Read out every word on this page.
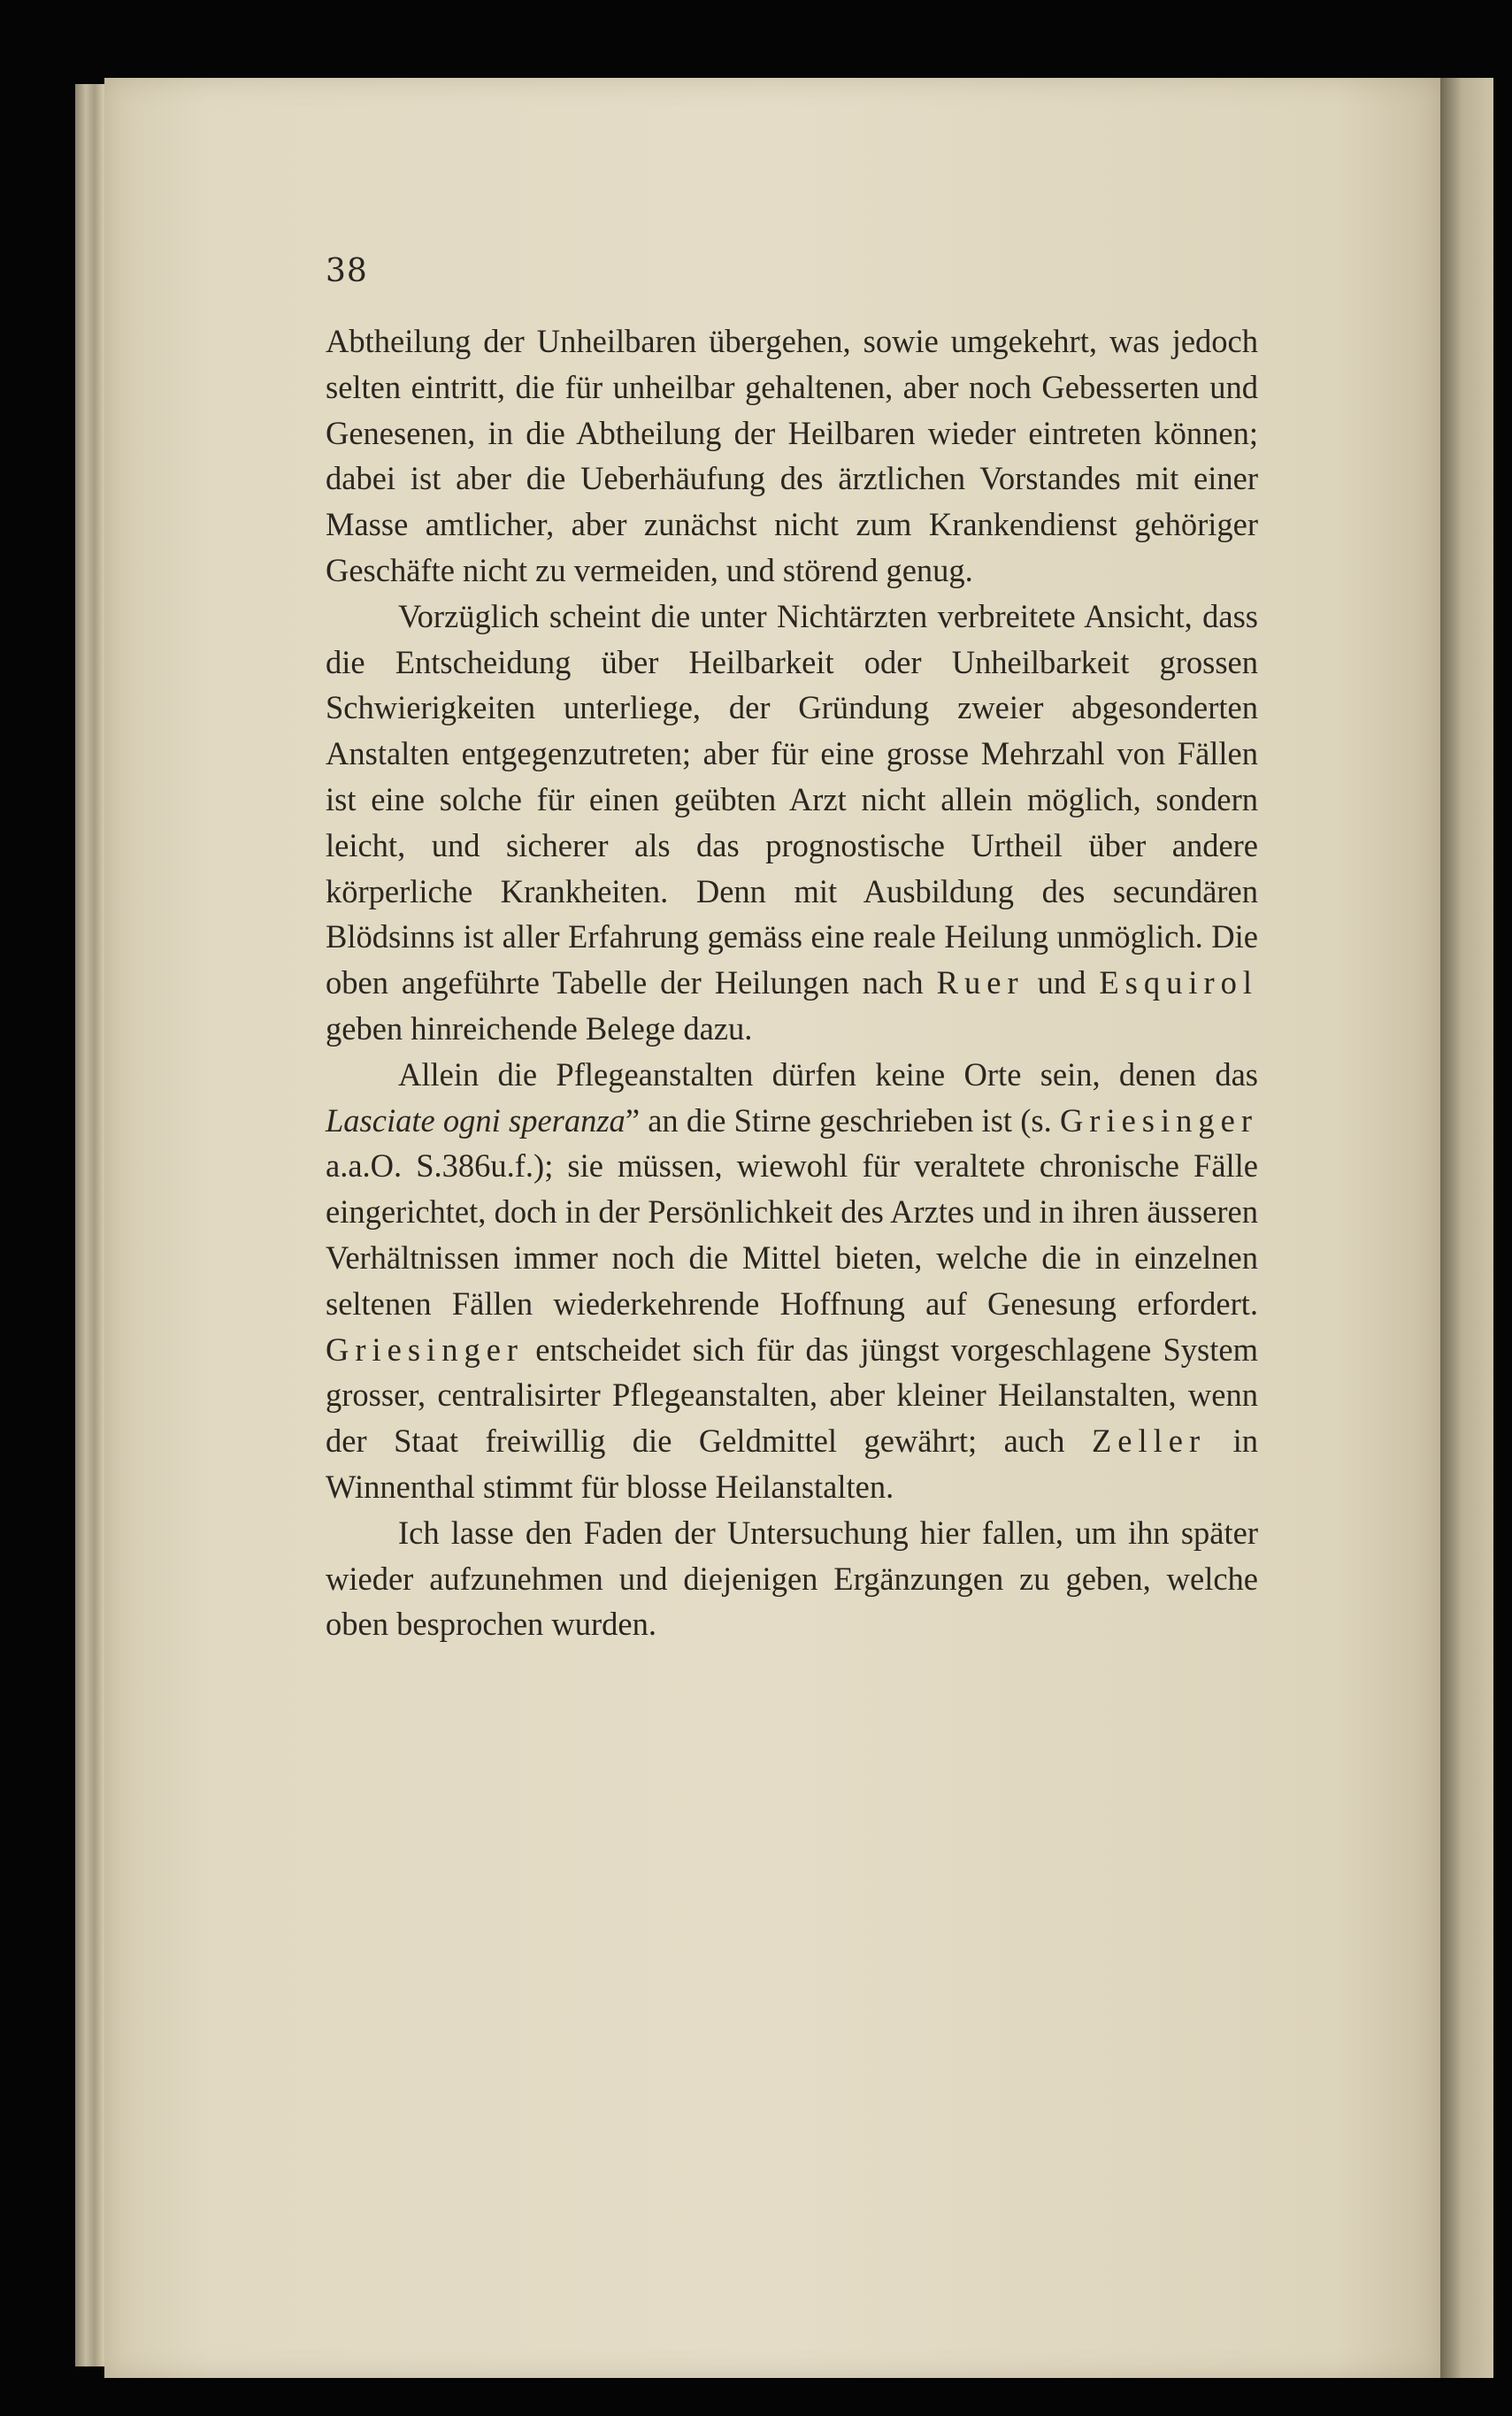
38

Abtheilung der Unheilbaren übergehen, sowie umgekehrt, was jedoch selten eintritt, die für unheilbar gehaltenen, aber noch Gebesserten und Genesenen, in die Abtheilung der Heilbaren wieder eintreten können; dabei ist aber die Ueberhäufung des ärztlichen Vorstandes mit einer Masse amtlicher, aber zunächst nicht zum Krankendienst gehöriger Geschäfte nicht zu vermeiden, und störend genug.

Vorzüglich scheint die unter Nichtärzten verbreitete Ansicht, dass die Entscheidung über Heilbarkeit oder Unheilbarkeit grossen Schwierigkeiten unterliege, der Gründung zweier abgesonderten Anstalten entgegenzutreten; aber für eine grosse Mehrzahl von Fällen ist eine solche für einen geübten Arzt nicht allein möglich, sondern leicht, und sicherer als das prognostische Urtheil über andere körperliche Krankheiten. Denn mit Ausbildung des secundären Blödsinns ist aller Erfahrung gemäss eine reale Heilung unmöglich. Die oben angeführte Tabelle der Heilungen nach Ruer und Esquirol geben hinreichende Belege dazu.

Allein die Pflegeanstalten dürfen keine Orte sein, denen das Lasciate ogni speranza” an die Stirne geschrieben ist (s. Griesinger a.a.O. S.386u.f.); sie müssen, wiewohl für veraltete chronische Fälle eingerichtet, doch in der Persönlichkeit des Arztes und in ihren äusseren Verhältnissen immer noch die Mittel bieten, welche die in einzelnen seltenen Fällen wiederkehrende Hoffnung auf Genesung erfordert. Griesinger entscheidet sich für das jüngst vorgeschlagene System grosser, centralisirter Pflegeanstalten, aber kleiner Heilanstalten, wenn der Staat freiwillig die Geldmittel gewährt; auch Zeller in Winnenthal stimmt für blosse Heilanstalten.

Ich lasse den Faden der Untersuchung hier fallen, um ihn später wieder aufzunehmen und diejenigen Ergänzungen zu geben, welche oben besprochen wurden.
